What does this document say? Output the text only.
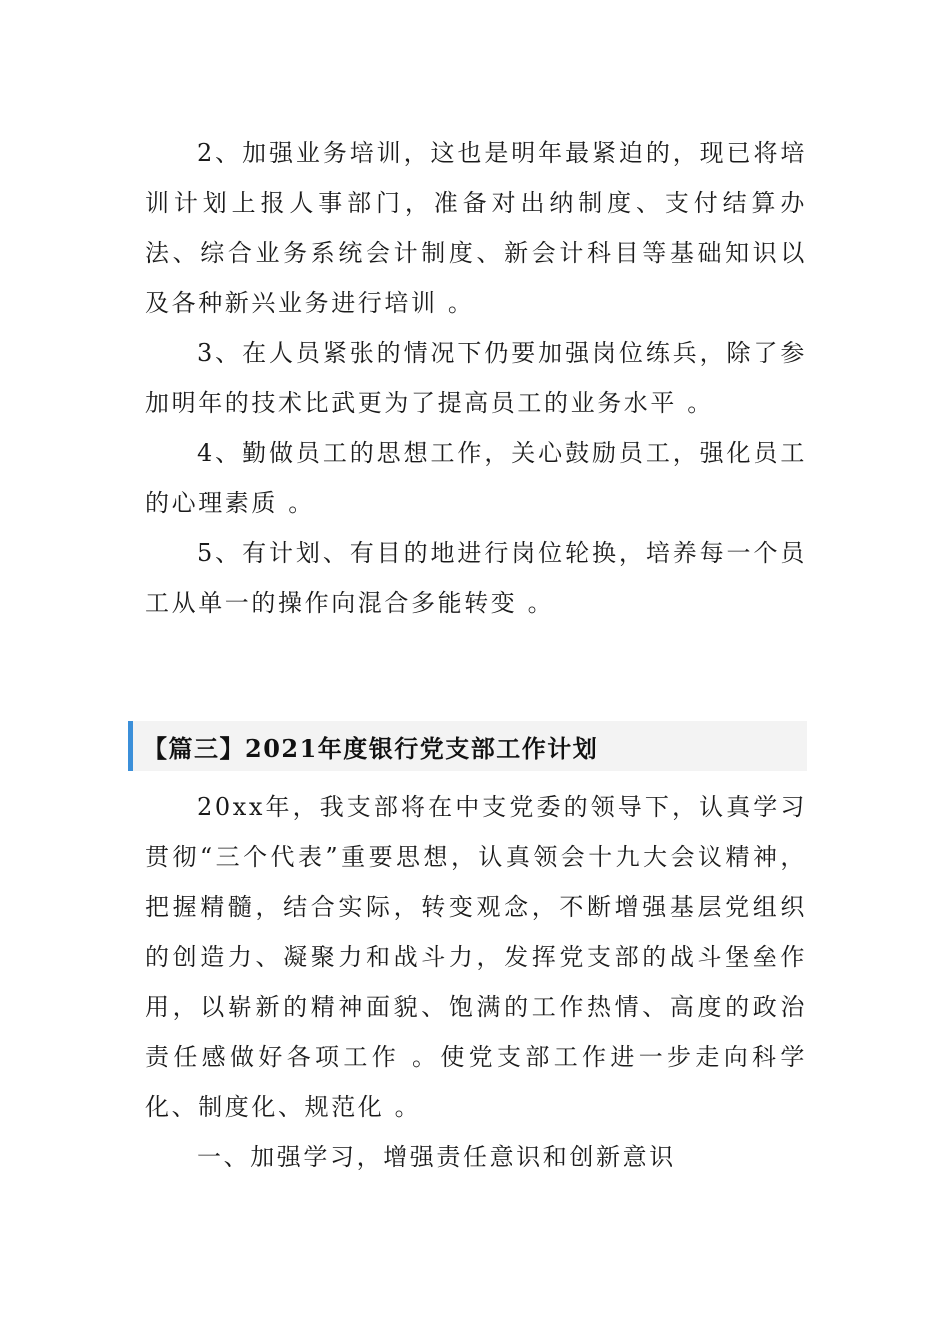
2、加强业务培训，这也是明年最紧迫的，现已将培训计划上报人事部门，准备对出纳制度、支付结算办法、综合业务系统会计制度、新会计科目等基础知识以及各种新兴业务进行培训 。

3、在人员紧张的情况下仍要加强岗位练兵，除了参加明年的技术比武更为了提高员工的业务水平 。

4、勤做员工的思想工作，关心鼓励员工，强化员工的心理素质 。

5、有计划、有目的地进行岗位轮换，培养每一个员工从单一的操作向混合多能转变 。

【篇三】2021年度银行党支部工作计划

20xx年，我支部将在中支党委的领导下，认真学习贯彻“三个代表”重要思想，认真领会十九大会议精神，把握精髓，结合实际，转变观念，不断增强基层党组织的创造力、凝聚力和战斗力，发挥党支部的战斗堡垒作用，以崭新的精神面貌、饱满的工作热情、高度的政治责任感做好各项工作 。使党支部工作进一步走向科学化、制度化、规范化 。

一、加强学习，增强责任意识和创新意识
